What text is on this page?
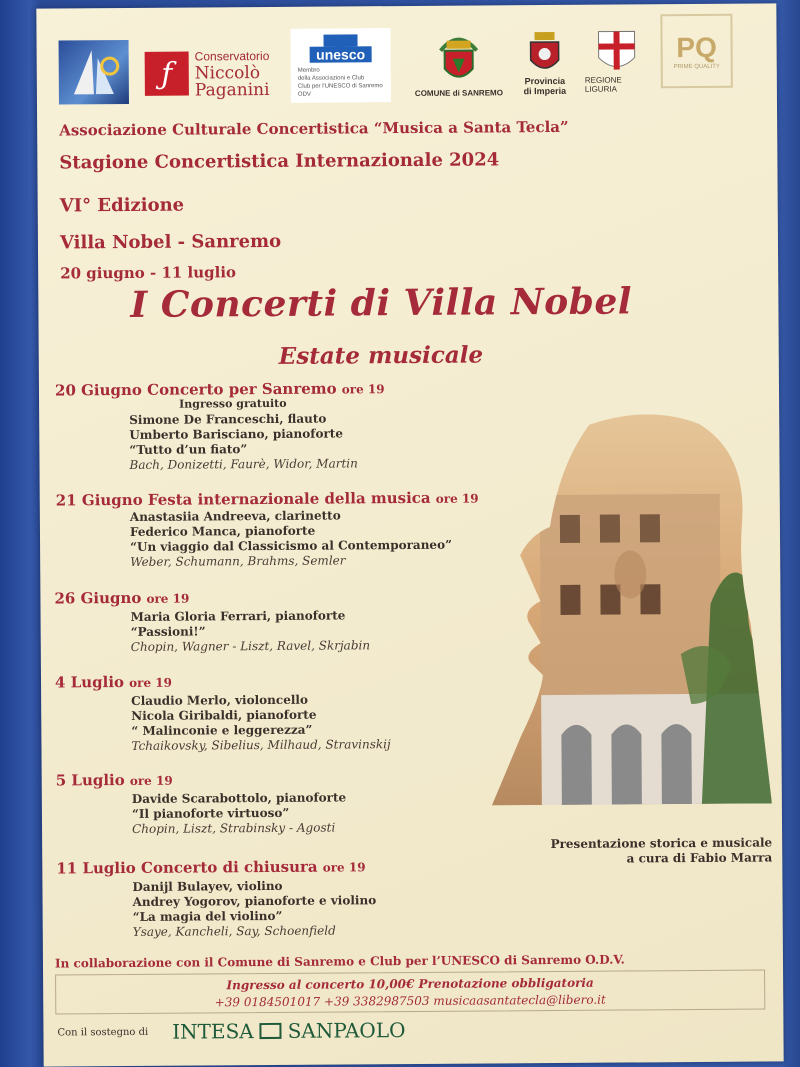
ƒ
Conservatorio
Niccolò
Paganini
unesco
Membro
della Associazioni e Club
Club per l'UNESCO di Sanremo ODV	COMUNE di SANREMO
Provincia
di Imperia
REGIONE LIGURIA
PQ
PRIME QUALITY
Associazione Culturale Concertistica “Musica a Santa Tecla”
Stagione Concertistica Internazionale 2024
VI° Edizione
Villa Nobel - Sanremo
20 giugno - 11 luglio
I Concerti di Villa Nobel
Estate musicale
20 Giugno Concerto per Sanremo ore 19
Ingresso gratuito
Simone De Franceschi, flauto
Umberto Barisciano, pianoforte
“Tutto d’un fiato”
Bach, Donizetti, Faurè, Widor, Martin
21 Giugno Festa internazionale della musica ore 19
Anastasiia Andreeva, clarinetto
Federico Manca, pianoforte
“Un viaggio dal Classicismo al Contemporaneo”
Weber, Schumann, Brahms, Semler
26 Giugno ore 19
Maria Gloria Ferrari, pianoforte
“Passioni!”
Chopin, Wagner - Liszt, Ravel, Skrjabin
4 Luglio ore 19
Claudio Merlo, violoncello
Nicola Giribaldi, pianoforte
“ Malinconie e leggerezza”
Tchaikovsky, Sibelius, Milhaud, Stravinskij
5 Luglio ore 19
Davide Scarabottolo, pianoforte
“Il pianoforte virtuoso”
Chopin, Liszt, Strabinsky - Agosti
Presentazione storica e musicale
a cura di Fabio Marra
11 Luglio Concerto di chiusura ore 19
Danijl Bulayev, violino
Andrey Yogorov, pianoforte e violino
“La magia del violino”
Ysaye, Kancheli, Say, Schoenfield
In collaborazione con il Comune di Sanremo e Club per l’UNESCO di Sanremo O.D.V.
Ingresso al concerto 10,00€ Prenotazione obbligatoria
+39 0184501017 +39 3382987503 musicaasantatecla@libero.it
Con il sostegno di INTESA SANPAOLO
